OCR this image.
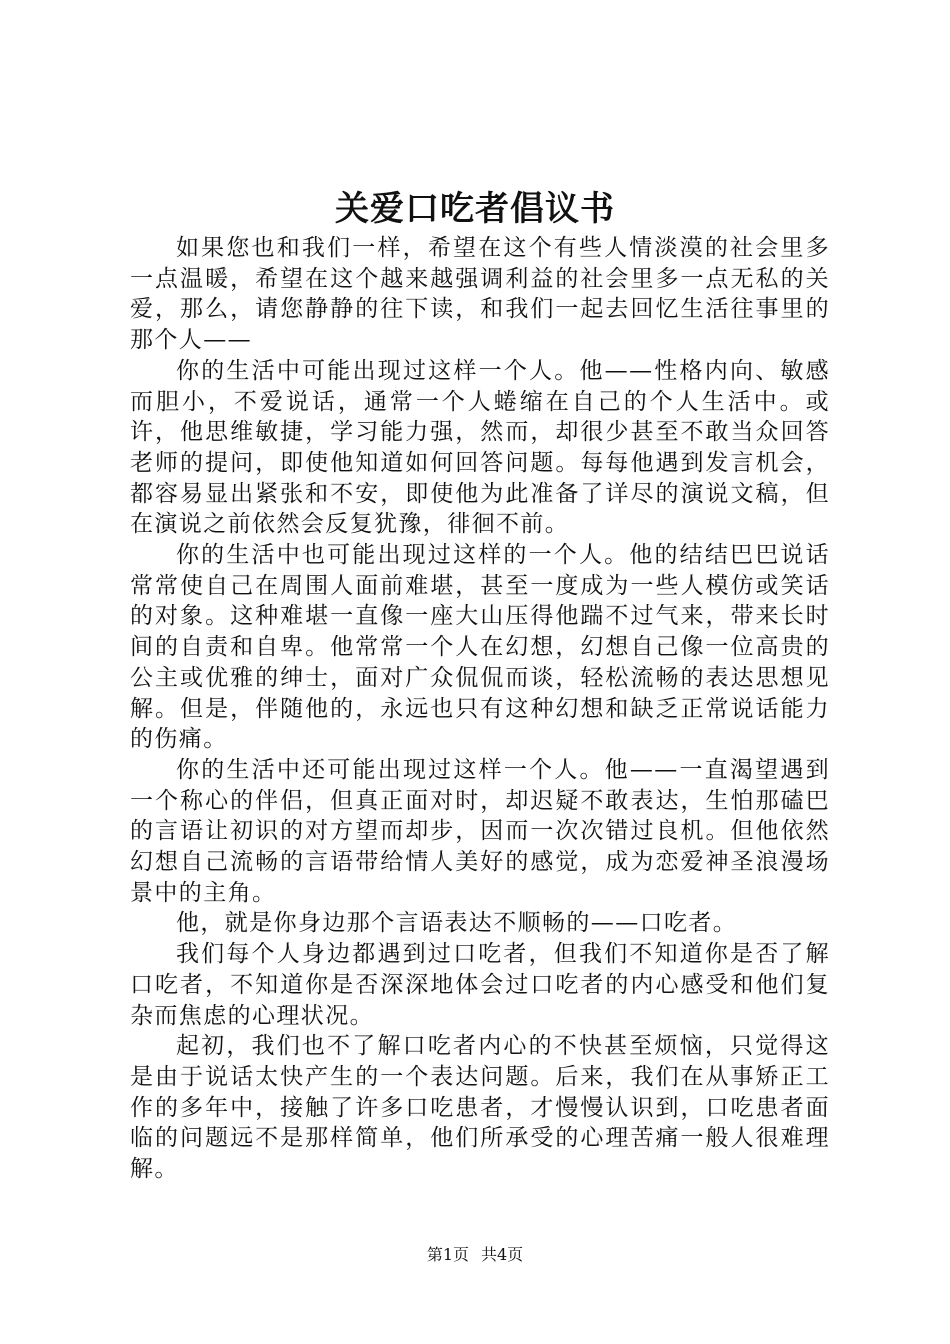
关爱口吃者倡议书

如果您也和我们一样，希望在这个有些人情淡漠的社会里多一点温暖，希望在这个越来越强调利益的社会里多一点无私的关爱，那么，请您静静的往下读，和我们一起去回忆生活往事里的那个人——

你的生活中可能出现过这样一个人。他——性格内向、敏感而胆小，不爱说话，通常一个人蜷缩在自己的个人生活中。或许，他思维敏捷，学习能力强，然而，却很少甚至不敢当众回答老师的提问，即使他知道如何回答问题。每每他遇到发言机会，都容易显出紧张和不安，即使他为此准备了详尽的演说文稿，但在演说之前依然会反复犹豫，徘徊不前。

你的生活中也可能出现过这样的一个人。他的结结巴巴说话常常使自己在周围人面前难堪，甚至一度成为一些人模仿或笑话的对象。这种难堪一直像一座大山压得他踹不过气来，带来长时间的自责和自卑。他常常一个人在幻想，幻想自己像一位高贵的公主或优雅的绅士，面对广众侃侃而谈，轻松流畅的表达思想见解。但是，伴随他的，永远也只有这种幻想和缺乏正常说话能力的伤痛。

你的生活中还可能出现过这样一个人。他——一直渴望遇到一个称心的伴侣，但真正面对时，却迟疑不敢表达，生怕那磕巴的言语让初识的对方望而却步，因而一次次错过良机。但他依然幻想自己流畅的言语带给情人美好的感觉，成为恋爱神圣浪漫场景中的主角。

他，就是你身边那个言语表达不顺畅的——口吃者。

我们每个人身边都遇到过口吃者，但我们不知道你是否了解口吃者，不知道你是否深深地体会过口吃者的内心感受和他们复杂而焦虑的心理状况。

起初，我们也不了解口吃者内心的不快甚至烦恼，只觉得这是由于说话太快产生的一个表达问题。后来，我们在从事矫正工作的多年中，接触了许多口吃患者，才慢慢认识到，口吃患者面临的问题远不是那样简单，他们所承受的心理苦痛一般人很难理解。

第1页 共4页
